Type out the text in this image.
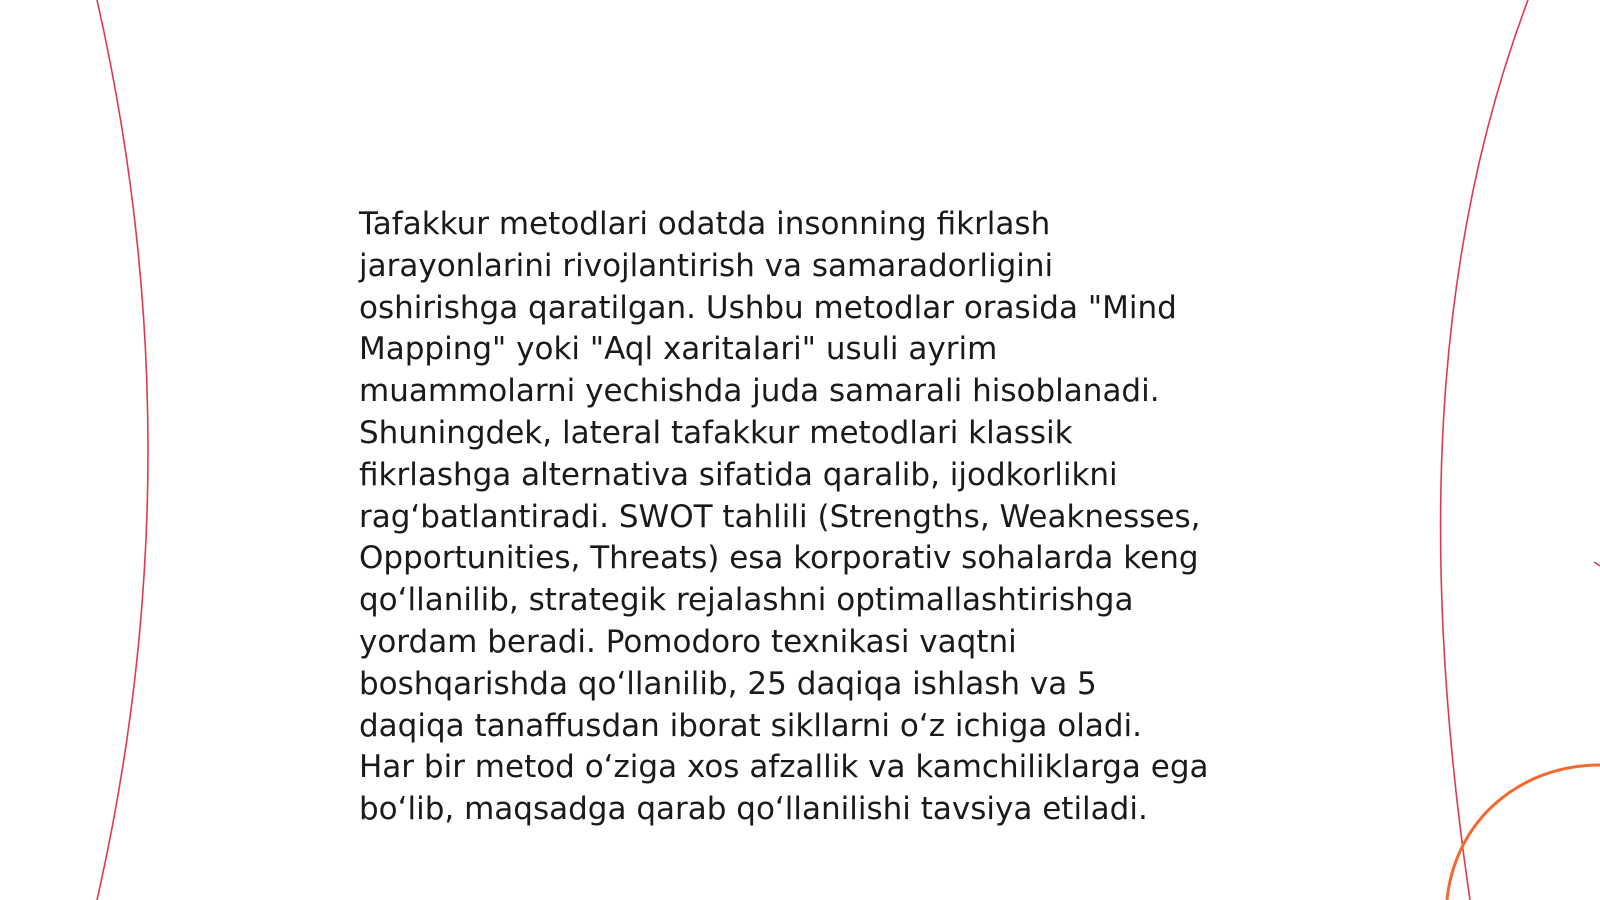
Tafakkur metodlari odatda insonning fikrlash
jarayonlarini rivojlantirish va samaradorligini
oshirishga qaratilgan. Ushbu metodlar orasida "Mind
Mapping" yoki "Aql xaritalari" usuli ayrim
muammolarni yechishda juda samarali hisoblanadi.
Shuningdek, lateral tafakkur metodlari klassik
fikrlashga alternativa sifatida qaralib, ijodkorlikni
rag‘batlantiradi. SWOT tahlili (Strengths, Weaknesses,
Opportunities, Threats) esa korporativ sohalarda keng
qo‘llanilib, strategik rejalashni optimallashtirishga
yordam beradi. Pomodoro texnikasi vaqtni
boshqarishda qo‘llanilib, 25 daqiqa ishlash va 5
daqiqa tanaffusdan iborat sikllarni o‘z ichiga oladi.
Har bir metod o‘ziga xos afzallik va kamchiliklarga ega
bo‘lib, maqsadga qarab qo‘llanilishi tavsiya etiladi.
